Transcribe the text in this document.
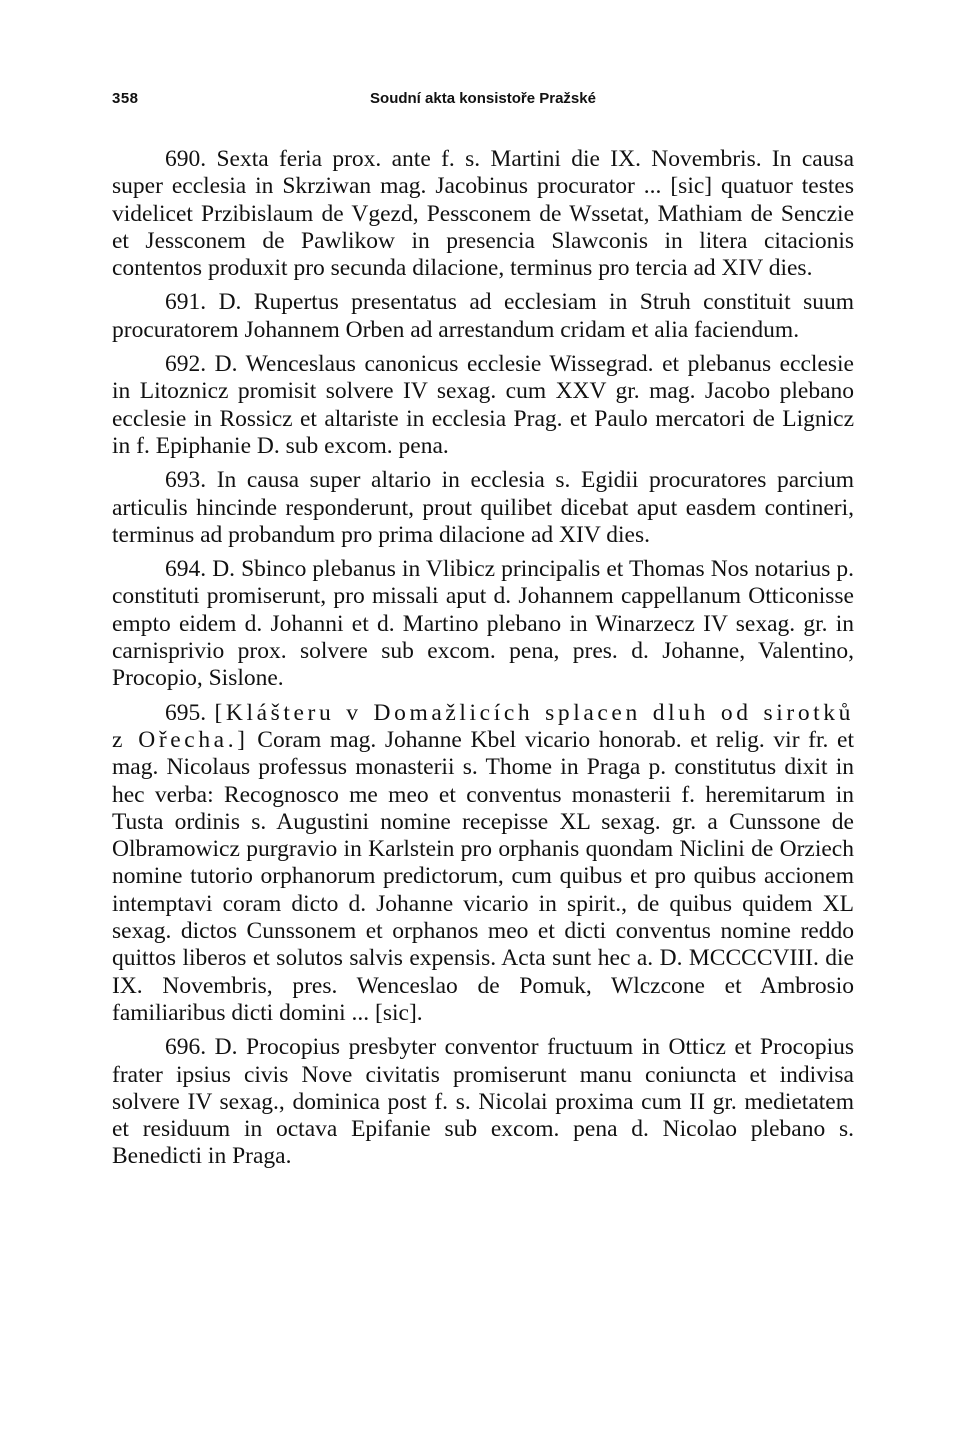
358	Soudní akta konsistoře Pražské

690. Sexta feria prox. ante f. s. Martini die IX. Novembris. In causa super ecclesia in Skrziwan mag. Jacobinus procurator ... [sic] quatuor testes videlicet Przibislaum de Vgezd, Pessconem de Wssetat, Mathiam de Senczie et Jessconem de Pawlikow in presencia Slawconis in litera citacionis contentos produxit pro secunda dilacione, terminus pro tercia ad XIV dies.

691. D. Rupertus presentatus ad ecclesiam in Struh constituit suum procuratorem Johannem Orben ad arrestandum cridam et alia faciendum.

692. D. Wenceslaus canonicus ecclesie Wissegrad. et plebanus ecclesie in Litoznicz promisit solvere IV sexag. cum XXV gr. mag. Jacobo plebano ecclesie in Rossicz et altariste in ecclesia Prag. et Paulo mercatori de Lignicz in f. Epiphanie D. sub excom. pena.

693. In causa super altario in ecclesia s. Egidii procuratores parcium articulis hincinde responderunt, prout quilibet dicebat aput easdem contineri, terminus ad probandum pro prima dilacione ad XIV dies.

694. D. Sbinco plebanus in Vlibicz principalis et Thomas Nos notarius p. constituti promiserunt, pro missali aput d. Johannem cappellanum Otticonisse empto eidem d. Johanni et d. Martino plebano in Winarzecz IV sexag. gr. in carnisprivio prox. solvere sub excom. pena, pres. d. Johanne, Valentino, Procopio, Sislone.

695. [Klášteru v Domažlicích splacen dluh od sirotků z Ořecha.] Coram mag. Johanne Kbel vicario honorab. et relig. vir fr. et mag. Nicolaus professus monasterii s. Thome in Praga p. constitutus dixit in hec verba: Recognosco me meo et conventus monasterii f. heremitarum in Tusta ordinis s. Augustini nomine recepisse XL sexag. gr. a Cunssone de Olbramowicz purgravio in Karlstein pro orphanis quondam Niclini de Orziech nomine tutorio orphanorum predictorum, cum quibus et pro quibus accionem intemptavi coram dicto d. Johanne vicario in spirit., de quibus quidem XL sexag. dictos Cunssonem et orphanos meo et dicti conventus nomine reddo quittos liberos et solutos salvis expensis. Acta sunt hec a. D. MCCCCVIII. die IX. Novembris, pres. Wenceslao de Pomuk, Wlczcone et Ambrosio familiaribus dicti domini ... [sic].

696. D. Procopius presbyter conventor fructuum in Otticz et Procopius frater ipsius civis Nove civitatis promiserunt manu coniuncta et indivisa solvere IV sexag., dominica post f. s. Nicolai proxima cum II gr. medietatem et residuum in octava Epifanie sub excom. pena d. Nicolao plebano s. Benedicti in Praga.
